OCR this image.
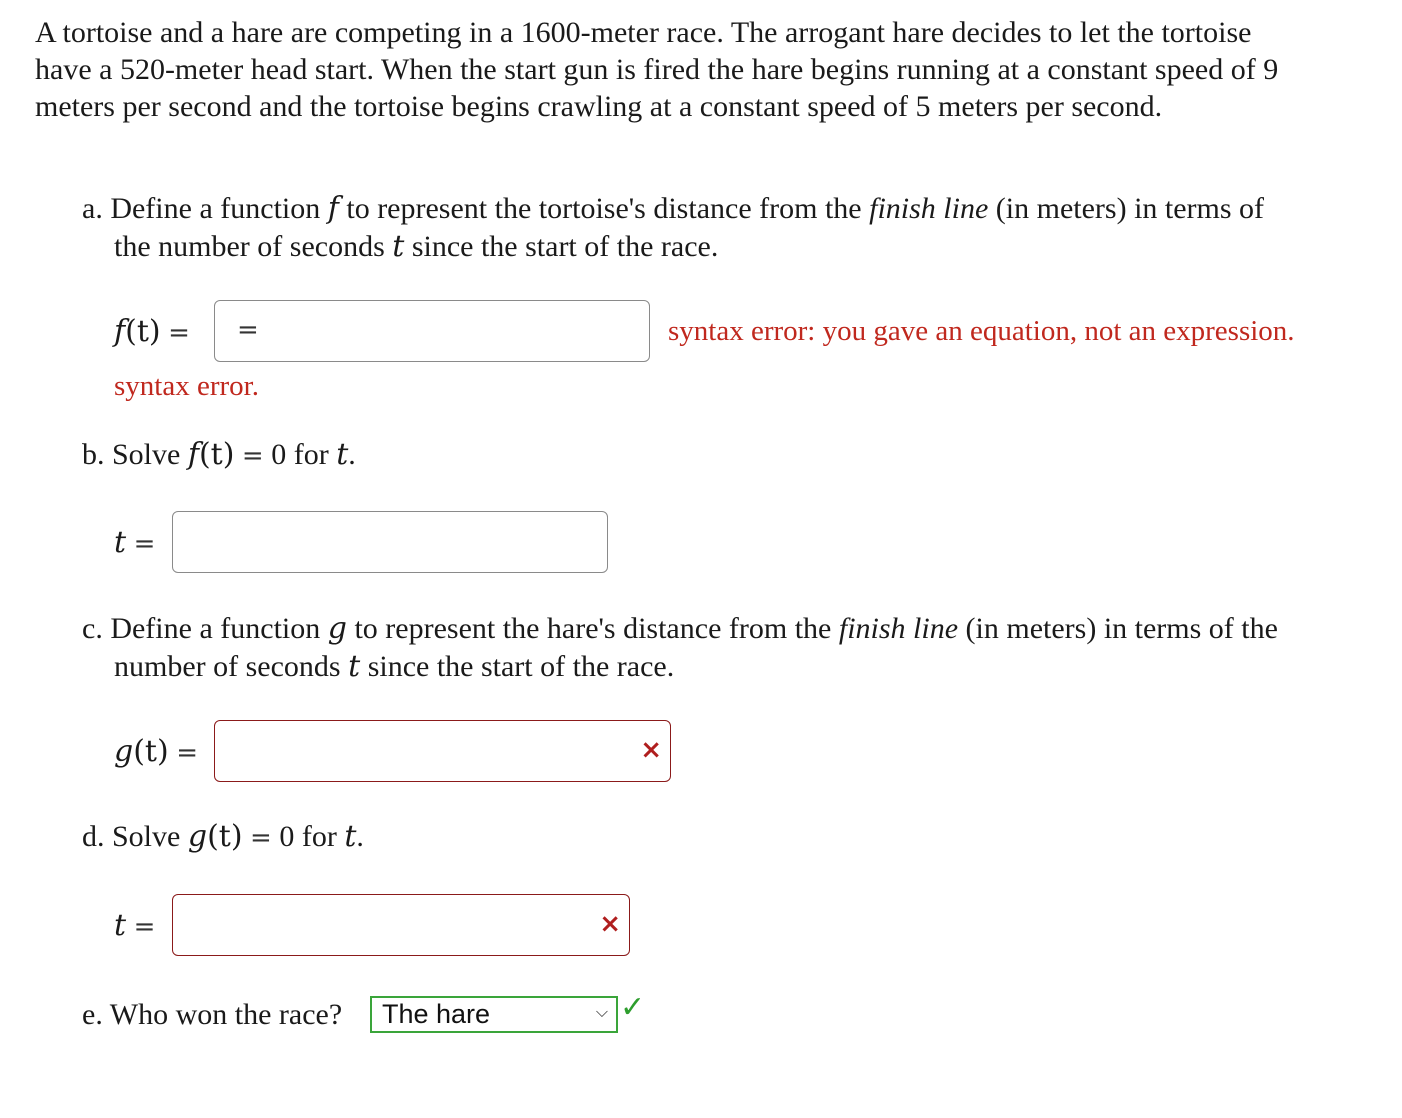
A tortoise and a hare are competing in a 1600-meter race. The arrogant hare decides to let the tortoise
have a 520-meter head start. When the start gun is fired the hare begins running at a constant speed of 9
meters per second and the tortoise begins crawling at a constant speed of 5 meters per second.
a. Define a function f to represent the tortoise's distance from the finish line (in meters) in terms of
the number of seconds t since the start of the race.
f(t) = =	syntax error: you gave an equation, not an expression.
syntax error.
b. Solve f(t) = 0 for t.
t =
c. Define a function g to represent the hare's distance from the finish line (in meters) in terms of the
number of seconds t since the start of the race.
g(t) =	×
d. Solve g(t) = 0 for t.
t =	×
e. Who won the race? The hare	⌵ ✓
